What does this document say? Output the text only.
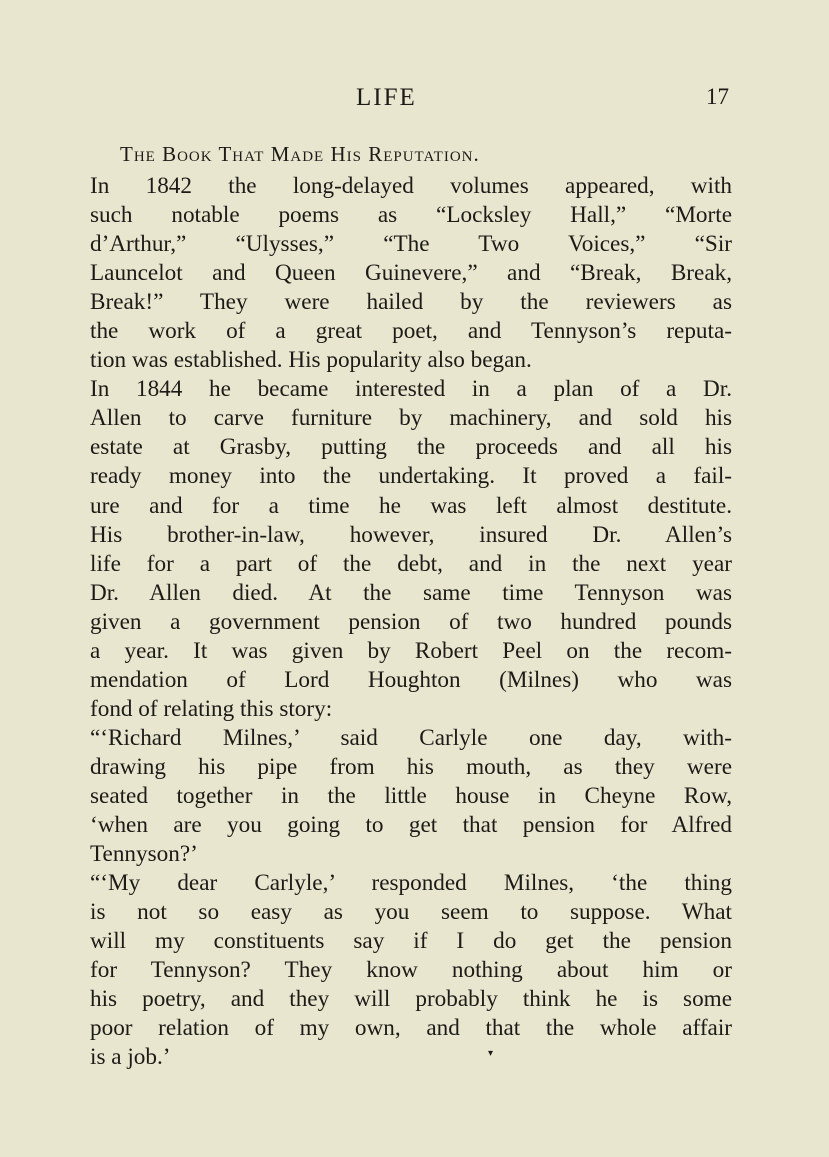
LIFE	17
The Book That Made His Reputation.
In 1842 the long-delayed volumes appeared, with
such notable poems as “Locksley Hall,” “Morte
d’Arthur,” “Ulysses,” “The Two Voices,” “Sir
Launcelot and Queen Guinevere,” and “Break, Break,
Break!” They were hailed by the reviewers as
the work of a great poet, and Tennyson’s reputa-
tion was established. His popularity also began.
In 1844 he became interested in a plan of a Dr.
Allen to carve furniture by machinery, and sold his
estate at Grasby, putting the proceeds and all his
ready money into the undertaking. It proved a fail-
ure and for a time he was left almost destitute.
His brother-in-law, however, insured Dr. Allen’s
life for a part of the debt, and in the next year
Dr. Allen died. At the same time Tennyson was
given a government pension of two hundred pounds
a year. It was given by Robert Peel on the recom-
mendation of Lord Houghton (Milnes) who was
fond of relating this story:
“‘Richard Milnes,’ said Carlyle one day, with-
drawing his pipe from his mouth, as they were
seated together in the little house in Cheyne Row,
‘when are you going to get that pension for Alfred
Tennyson?’
“‘My dear Carlyle,’ responded Milnes, ‘the thing
is not so easy as you seem to suppose. What
will my constituents say if I do get the pension
for Tennyson? They know nothing about him or
his poetry, and they will probably think he is some
poor relation of my own, and that the whole affair
is a job.’	▾
